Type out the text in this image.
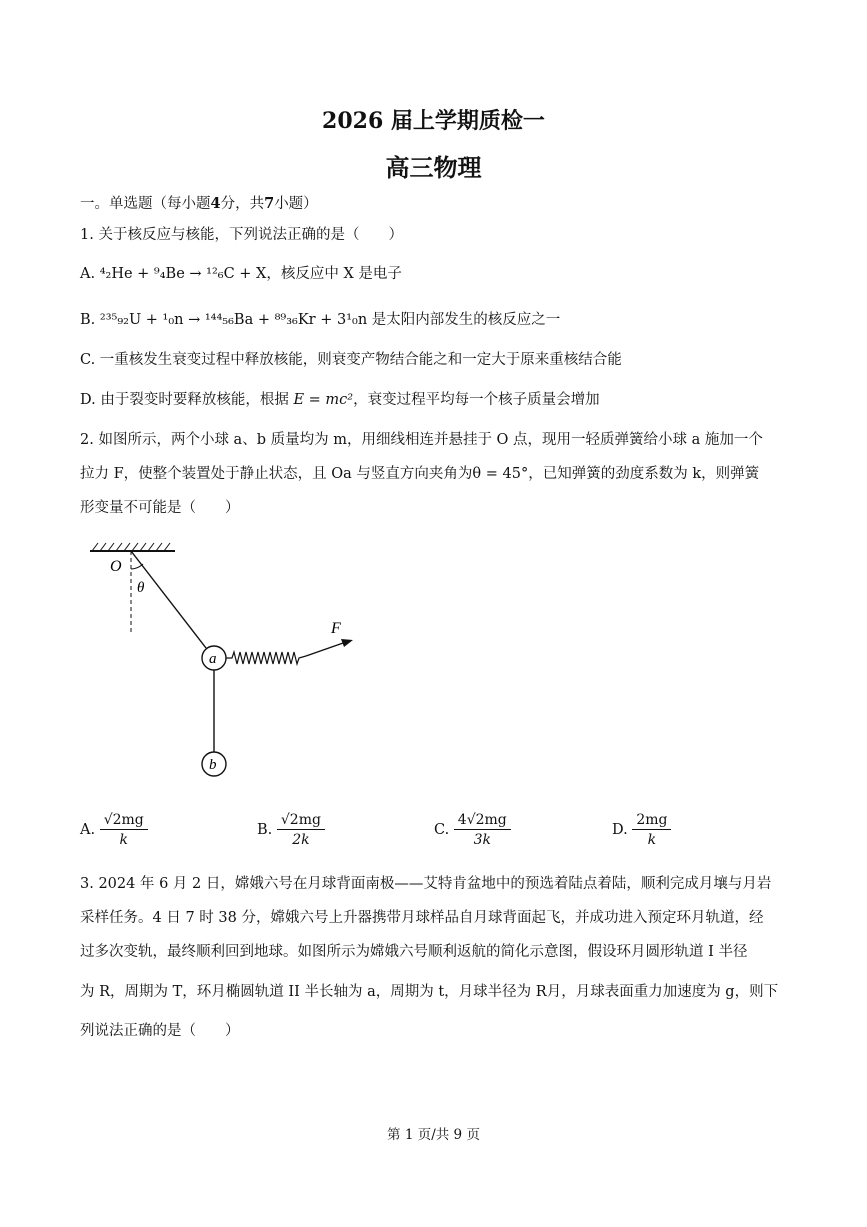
2026 届上学期质检一
高三物理
一。单选题（每小题4分，共7小题）
1. 关于核反应与核能，下列说法正确的是（　　）
A. ⁴₂He + ⁹₄Be → ¹²₆C + X，核反应中 X 是电子
B. ²³⁵₉₂U + ¹₀n → ¹⁴⁴₅₆Ba + ⁸⁹₃₆Kr + 3¹₀n 是太阳内部发生的核反应之一
C. 一重核发生衰变过程中释放核能，则衰变产物结合能之和一定大于原来重核结合能
D. 由于裂变时要释放核能，根据 E = mc²，衰变过程平均每一个核子质量会增加
2. 如图所示，两个小球 a、b 质量均为 m，用细线相连并悬挂于 O 点，现用一轻质弹簧给小球 a 施加一个
拉力 F，使整个装置处于静止状态，且 Oa 与竖直方向夹角为θ = 45°，已知弹簧的劲度系数为 k，则弹簧
形变量不可能是（　　）
O
θ
F
a
b
A. $\frac{√2mg}{k}$	B. $\frac{√2mg}{2k}$	C. $\frac{4√2mg}{3k}$	D. $\frac{2mg}{k}$
3. 2024 年 6 月 2 日，嫦娥六号在月球背面南极——艾特肯盆地中的预选着陆点着陆，顺利完成月壤与月岩
采样任务。4 日 7 时 38 分，嫦娥六号上升器携带月球样品自月球背面起飞，并成功进入预定环月轨道，经
过多次变轨，最终顺利回到地球。如图所示为嫦娥六号顺利返航的简化示意图，假设环月圆形轨道 I 半径
为 R，周期为 T，环月椭圆轨道 II 半长轴为 a，周期为 t，月球半径为 R月，月球表面重力加速度为 g，则下
列说法正确的是（　　）
第 1 页/共 9 页
